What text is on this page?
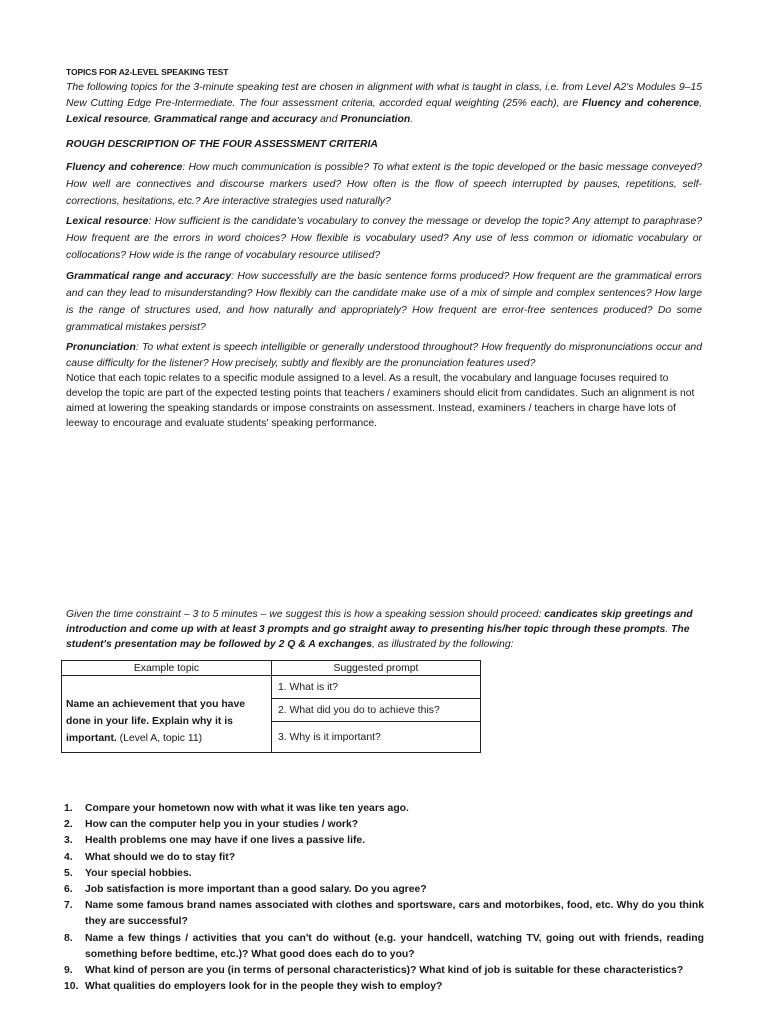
TOPICS FOR A2-LEVEL SPEAKING TEST
The following topics for the 3-minute speaking test are chosen in alignment with what is taught in class, i.e. from Level A2's Modules 9–15 New Cutting Edge Pre-Intermediate. The four assessment criteria, accorded equal weighting (25% each), are Fluency and coherence, Lexical resource, Grammatical range and accuracy and Pronunciation.
ROUGH DESCRIPTION OF THE FOUR ASSESSMENT CRITERIA
Fluency and coherence: How much communication is possible? To what extent is the topic developed or the basic message conveyed? How well are connectives and discourse markers used? How often is the flow of speech interrupted by pauses, repetitions, self-corrections, hesitations, etc.? Are interactive strategies used naturally?
Lexical resource: How sufficient is the candidate's vocabulary to convey the message or develop the topic? Any attempt to paraphrase? How frequent are the errors in word choices? How flexible is vocabulary used? Any use of less common or idiomatic vocabulary or collocations? How wide is the range of vocabulary resource utilised?
Grammatical range and accuracy: How successfully are the basic sentence forms produced? How frequent are the grammatical errors and can they lead to misunderstanding? How flexibly can the candidate make use of a mix of simple and complex sentences? How large is the range of structures used, and how naturally and appropriately? How frequent are error-free sentences produced? Do some grammatical mistakes persist?
Pronunciation: To what extent is speech intelligible or generally understood throughout? How frequently do mispronunciations occur and cause difficulty for the listener? How precisely, subtly and flexibly are the pronunciation features used?
Notice that each topic relates to a specific module assigned to a level. As a result, the vocabulary and language focuses required to develop the topic are part of the expected testing points that teachers / examiners should elicit from candidates. Such an alignment is not aimed at lowering the speaking standards or impose constraints on assessment. Instead, examiners / teachers in charge have lots of leeway to encourage and evaluate students' speaking performance.
Given the time constraint – 3 to 5 minutes – we suggest this is how a speaking session should proceed: candicates skip greetings and introduction and come up with at least 3 prompts and go straight away to presenting his/her topic through these prompts. The student's presentation may be followed by 2 Q & A exchanges, as illustrated by the following:
Example topic	Suggested prompt
Name an achievement that you have done in your life. Explain why it is important. (Level A, topic 11)	1. What is it?
	2. What did you do to achieve this?
	3. Why is it important?
1.	Compare your hometown now with what it was like ten years ago.
2.	How can the computer help you in your studies / work?
3.	Health problems one may have if one lives a passive life.
4.	What should we do to stay fit?
5.	Your special hobbies.
6.	Job satisfaction is more important than a good salary. Do you agree?
7.	Name some famous brand names associated with clothes and sportsware, cars and motorbikes, food, etc. Why do you think they are successful?
8.	Name a few things / activities that you can't do without (e.g. your handcell, watching TV, going out with friends, reading something before bedtime, etc.)? What good does each do to you?
9.	What kind of person are you (in terms of personal characteristics)? What kind of job is suitable for these characteristics?
10. What qualities do employers look for in the people they wish to employ?
